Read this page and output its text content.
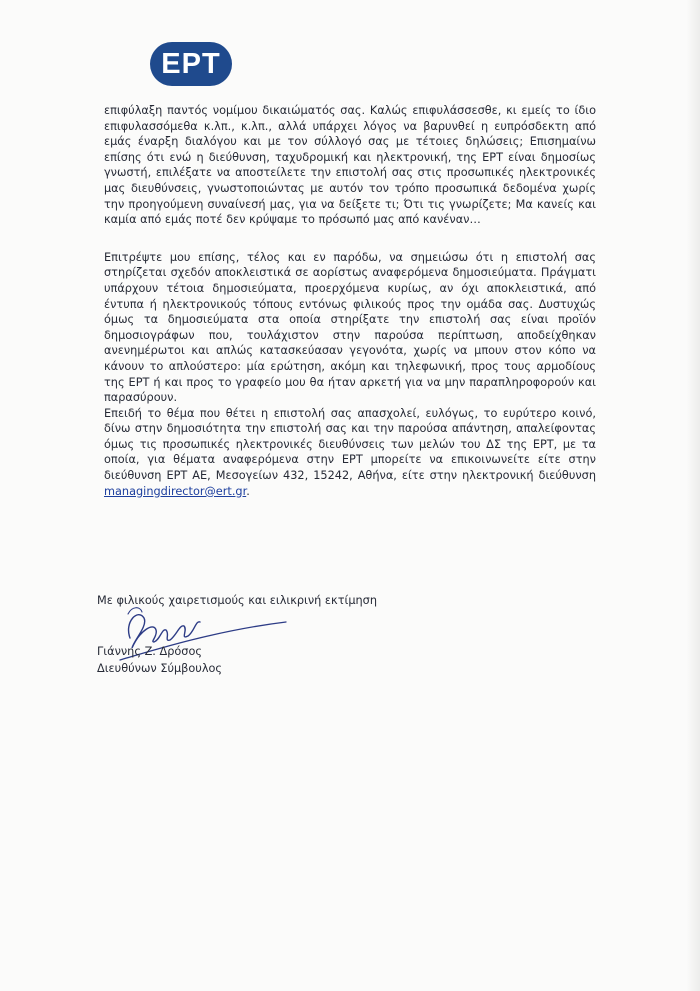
ΕΡΤ

επιφύλαξη παντός νομίμου δικαιώματός σας. Καλώς επιφυλάσσεσθε, κι εμείς το ίδιο επιφυλασσόμεθα κ.λπ., κ.λπ., αλλά υπάρχει λόγος να βαρυνθεί η ευπρόσδεκτη από εμάς έναρξη διαλόγου και με τον σύλλογό σας με τέτοιες δηλώσεις; Επισημαίνω επίσης ότι ενώ η διεύθυνση, ταχυδρομική και ηλεκτρονική, της ΕΡΤ είναι δημοσίως γνωστή, επιλέξατε να αποστείλετε την επιστολή σας στις προσωπικές ηλεκτρονικές μας διευθύνσεις, γνωστοποιώντας με αυτόν τον τρόπο προσωπικά δεδομένα χωρίς την προηγούμενη συναίνεσή μας, για να δείξετε τι; Ότι τις γνωρίζετε; Μα κανείς και καμία από εμάς ποτέ δεν κρύψαμε το πρόσωπό μας από κανέναν…

Επιτρέψτε μου επίσης, τέλος και εν παρόδω, να σημειώσω ότι η επιστολή σας στηρίζεται σχεδόν αποκλειστικά σε αορίστως αναφερόμενα δημοσιεύματα. Πράγματι υπάρχουν τέτοια δημοσιεύματα, προερχόμενα κυρίως, αν όχι αποκλειστικά, από έντυπα ή ηλεκτρονικούς τόπους εντόνως φιλικούς προς την ομάδα σας. Δυστυχώς όμως τα δημοσιεύματα στα οποία στηρίξατε την επιστολή σας είναι προϊόν δημοσιογράφων που, τουλάχιστον στην παρούσα περίπτωση, αποδείχθηκαν ανενημέρωτοι και απλώς κατασκεύασαν γεγονότα, χωρίς να μπουν στον κόπο να κάνουν το απλούστερο: μία ερώτηση, ακόμη και τηλεφωνική, προς τους αρμοδίους της ΕΡΤ ή και προς το γραφείο μου θα ήταν αρκετή για να μην παραπληροφορούν και παρασύρουν.

Επειδή το θέμα που θέτει η επιστολή σας απασχολεί, ευλόγως, το ευρύτερο κοινό, δίνω στην δημοσιότητα την επιστολή σας και την παρούσα απάντηση, απαλείφοντας όμως τις προσωπικές ηλεκτρονικές διευθύνσεις των μελών του ΔΣ της ΕΡΤ, με τα οποία, για θέματα αναφερόμενα στην ΕΡΤ μπορείτε να επικοινωνείτε είτε στην διεύθυνση ΕΡΤ ΑΕ, Μεσογείων 432, 15242, Αθήνα, είτε στην ηλεκτρονική διεύθυνση managingdirector@ert.gr.

Με φιλικούς χαιρετισμούς και ειλικρινή εκτίμηση
Γιάννης Ζ. Δρόσος
Διευθύνων Σύμβουλος
